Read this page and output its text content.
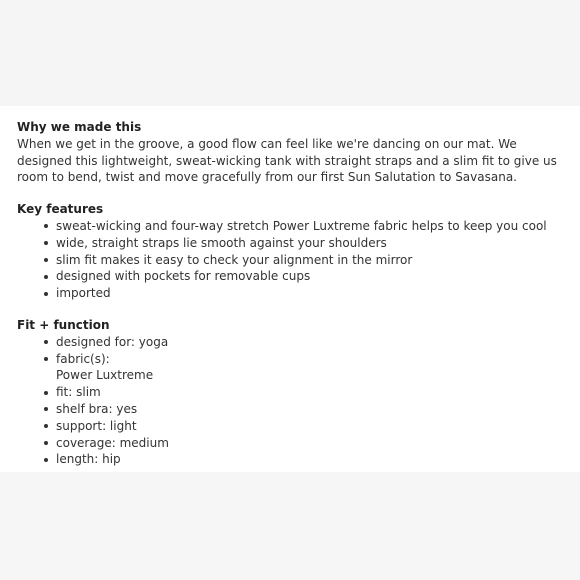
Why we made this

When we get in the groove, a good flow can feel like we're dancing on our mat. We designed this lightweight, sweat-wicking tank with straight straps and a slim fit to give us room to bend, twist and move gracefully from our first Sun Salutation to Savasana.

Key features

sweat-wicking and four-way stretch Power Luxtreme fabric helps to keep you cool
wide, straight straps lie smooth against your shoulders
slim fit makes it easy to check your alignment in the mirror
designed with pockets for removable cups
imported

Fit + function

designed for: yoga
fabric(s):
Power Luxtreme
fit: slim
shelf bra: yes
support: light
coverage: medium
length: hip
